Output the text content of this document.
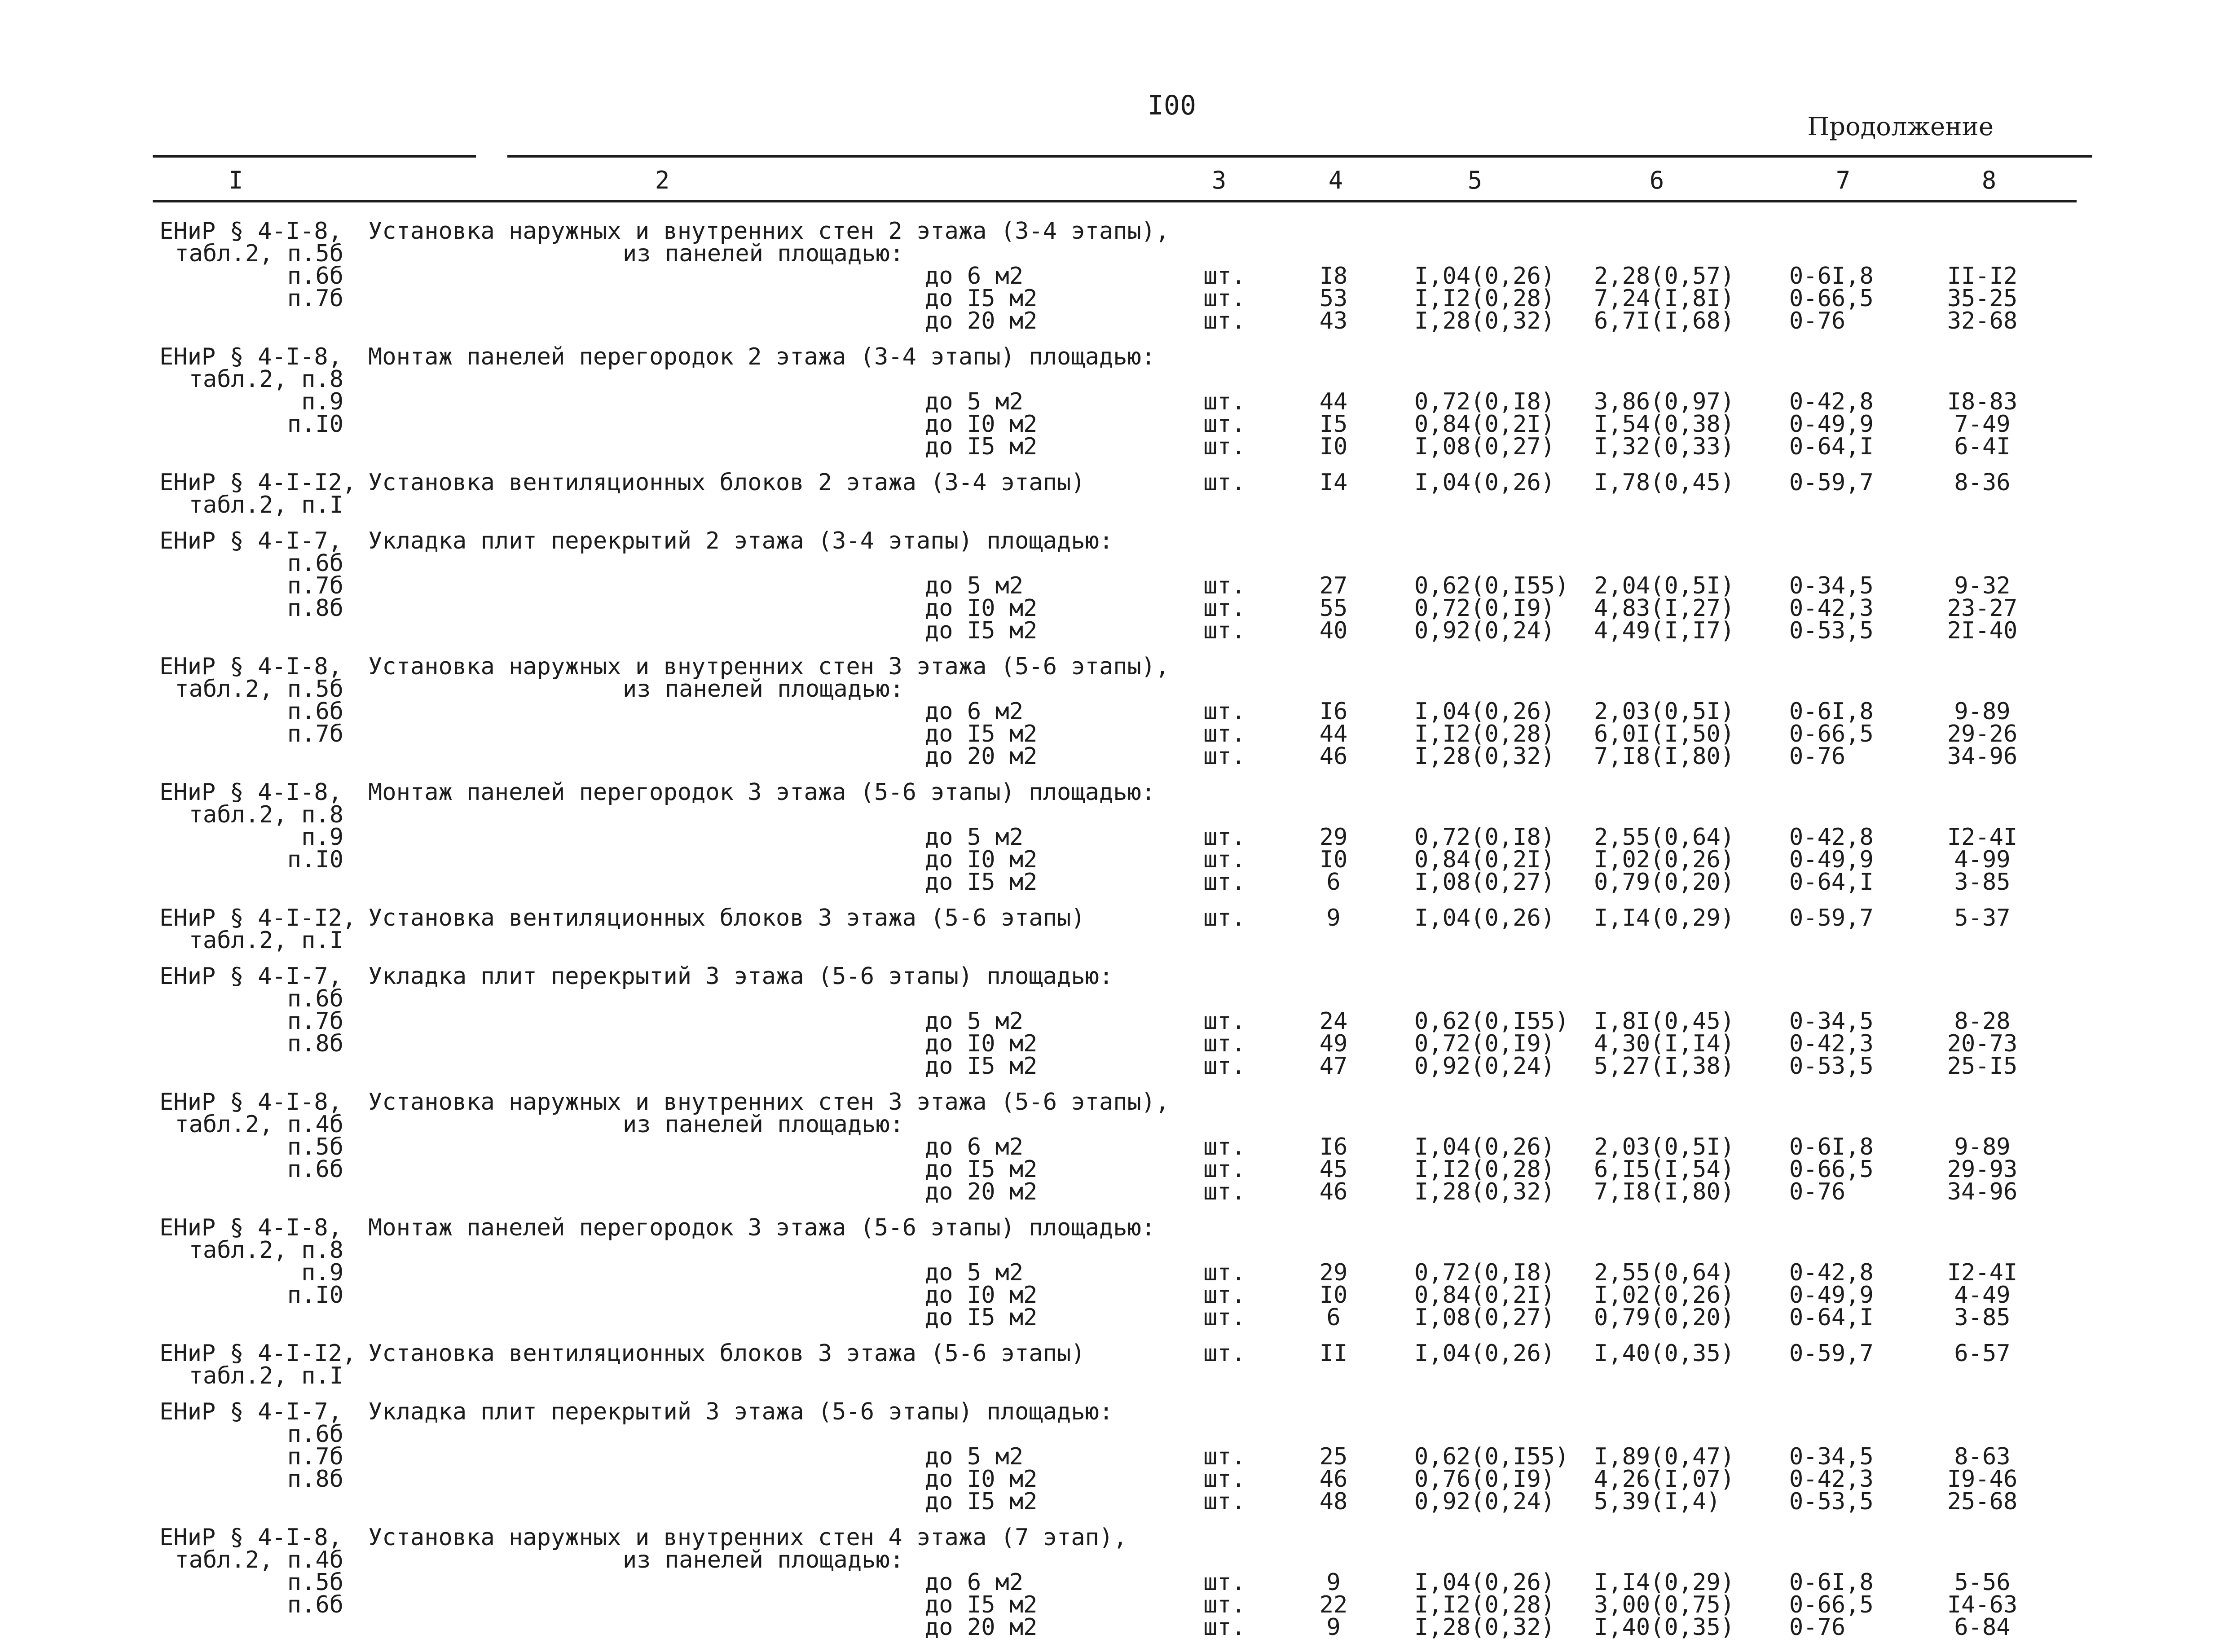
I00
Продолжение
I	2	3	4	5	6	7	8
ЕНиР § 4-I-8, Установка наружных и внутренних стен 2 этажа (3-4 этапы),
табл.2, п.5б	из панелей площадью:
п.6б	до 6 м2	шт.	I8	I,04(0,26) 2,28(0,57) 0-6I,8	II-I2
п.7б	до I5 м2	шт.	53	I,I2(0,28) 7,24(I,8I) 0-66,5	35-25
до 20 м2	шт.	43	I,28(0,32) 6,7I(I,68) 0-76	32-68
ЕНиР § 4-I-8, Монтаж панелей перегородок 2 этажа (3-4 этапы) площадью:
табл.2, п.8
п.9	до 5 м2	шт.	44	0,72(0,I8) 3,86(0,97) 0-42,8	I8-83
п.I0	до I0 м2	шт.	I5	0,84(0,2I) I,54(0,38) 0-49,9	7-49
до I5 м2	шт.	I0	I,08(0,27) I,32(0,33) 0-64,I	6-4I
ЕНиР § 4-I-I2, Установка вентиляционных блоков 2 этажа (3-4 этапы)	шт.	I4	I,04(0,26) I,78(0,45) 0-59,7	8-36
табл.2, п.I
ЕНиР § 4-I-7, Укладка плит перекрытий 2 этажа (3-4 этапы) площадью:
п.6б
п.7б	до 5 м2	шт.	27	0,62(0,I55) 2,04(0,5I) 0-34,5	9-32
п.8б	до I0 м2	шт.	55	0,72(0,I9) 4,83(I,27) 0-42,3	23-27
до I5 м2	шт.	40	0,92(0,24) 4,49(I,I7) 0-53,5	2I-40
ЕНиР § 4-I-8, Установка наружных и внутренних стен 3 этажа (5-6 этапы),
табл.2, п.5б	из панелей площадью:
п.6б	до 6 м2	шт.	I6	I,04(0,26) 2,03(0,5I) 0-6I,8	9-89
п.7б	до I5 м2	шт.	44	I,I2(0,28) 6,0I(I,50) 0-66,5	29-26
до 20 м2	шт.	46	I,28(0,32) 7,I8(I,80) 0-76	34-96
ЕНиР § 4-I-8, Монтаж панелей перегородок 3 этажа (5-6 этапы) площадью:
табл.2, п.8
п.9	до 5 м2	шт.	29	0,72(0,I8) 2,55(0,64) 0-42,8	I2-4I
п.I0	до I0 м2	шт.	I0	0,84(0,2I) I,02(0,26) 0-49,9	4-99
до I5 м2	шт.	6	I,08(0,27) 0,79(0,20) 0-64,I	3-85
ЕНиР § 4-I-I2, Установка вентиляционных блоков 3 этажа (5-6 этапы)	шт.	9	I,04(0,26) I,I4(0,29) 0-59,7	5-37
табл.2, п.I
ЕНиР § 4-I-7, Укладка плит перекрытий 3 этажа (5-6 этапы) площадью:
п.6б
п.7б	до 5 м2	шт.	24	0,62(0,I55) I,8I(0,45) 0-34,5	8-28
п.8б	до I0 м2	шт.	49	0,72(0,I9) 4,30(I,I4) 0-42,3	20-73
до I5 м2	шт.	47	0,92(0,24) 5,27(I,38) 0-53,5	25-I5
ЕНиР § 4-I-8, Установка наружных и внутренних стен 3 этажа (5-6 этапы),
табл.2, п.4б	из панелей площадью:
п.5б	до 6 м2	шт.	I6	I,04(0,26) 2,03(0,5I) 0-6I,8	9-89
п.6б	до I5 м2	шт.	45	I,I2(0,28) 6,I5(I,54) 0-66,5	29-93
до 20 м2	шт.	46	I,28(0,32) 7,I8(I,80) 0-76	34-96
ЕНиР § 4-I-8, Монтаж панелей перегородок 3 этажа (5-6 этапы) площадью:
табл.2, п.8
п.9	до 5 м2	шт.	29	0,72(0,I8) 2,55(0,64) 0-42,8	I2-4I
п.I0	до I0 м2	шт.	I0	0,84(0,2I) I,02(0,26) 0-49,9	4-49
до I5 м2	шт.	6	I,08(0,27) 0,79(0,20) 0-64,I	3-85
ЕНиР § 4-I-I2, Установка вентиляционных блоков 3 этажа (5-6 этапы)	шт.	II	I,04(0,26) I,40(0,35) 0-59,7	6-57
табл.2, п.I
ЕНиР § 4-I-7, Укладка плит перекрытий 3 этажа (5-6 этапы) площадью:
п.6б
п.7б	до 5 м2	шт.	25	0,62(0,I55) I,89(0,47) 0-34,5	8-63
п.8б	до I0 м2	шт.	46	0,76(0,I9) 4,26(I,07) 0-42,3	I9-46
до I5 м2	шт.	48	0,92(0,24) 5,39(I,4)	0-53,5	25-68
ЕНиР § 4-I-8, Установка наружных и внутренних стен 4 этажа (7 этап),
табл.2, п.4б	из панелей площадью:
п.5б	до 6 м2	шт.	9	I,04(0,26) I,I4(0,29) 0-6I,8	5-56
п.6б	до I5 м2	шт.	22	I,I2(0,28) 3,00(0,75) 0-66,5	I4-63
до 20 м2	шт.	9	I,28(0,32) I,40(0,35) 0-76	6-84
